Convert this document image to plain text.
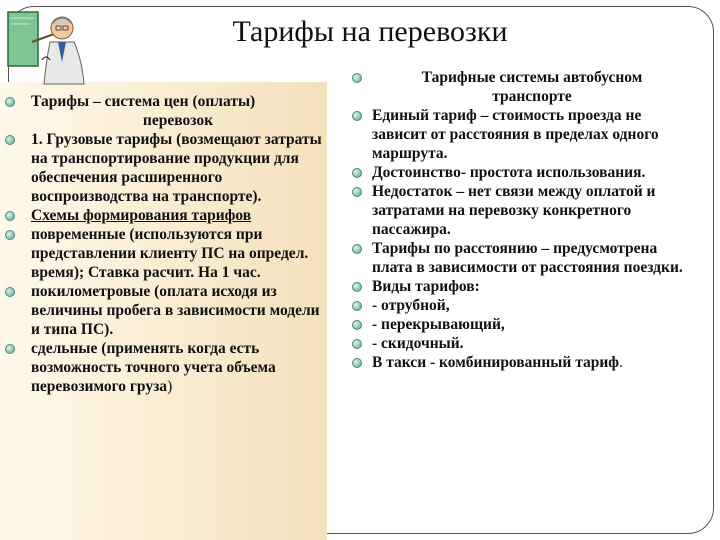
Тарифы на перевозки
Тарифы – система цен (оплаты)
перевозок
1. Грузовые тарифы (возмещают затраты на транспортирование продукции для обеспечения расширенного воспроизводства на транспорте).
Схемы формирования тарифов
повременные (используются при представлении клиенту ПС на определ. время); Ставка расчит. На 1 час.
покилометровые (оплата исходя из величины пробега в зависимости модели и типа ПС).
сдельные (применять когда есть возможность точного учета объема перевозимого груза)
Тарифные системы автобусном
транспорте
Единый тариф – стоимость проезда не зависит от расстояния в пределах одного маршрута.
Достоинство- простота использования.
Недостаток – нет связи между оплатой и затратами на перевозку конкретного пассажира.
Тарифы по расстоянию – предусмотрена плата в зависимости от расстояния поездки.
Виды тарифов:
- отрубной,
- перекрывающий,
- скидочный.
В такси - комбинированный тариф.
